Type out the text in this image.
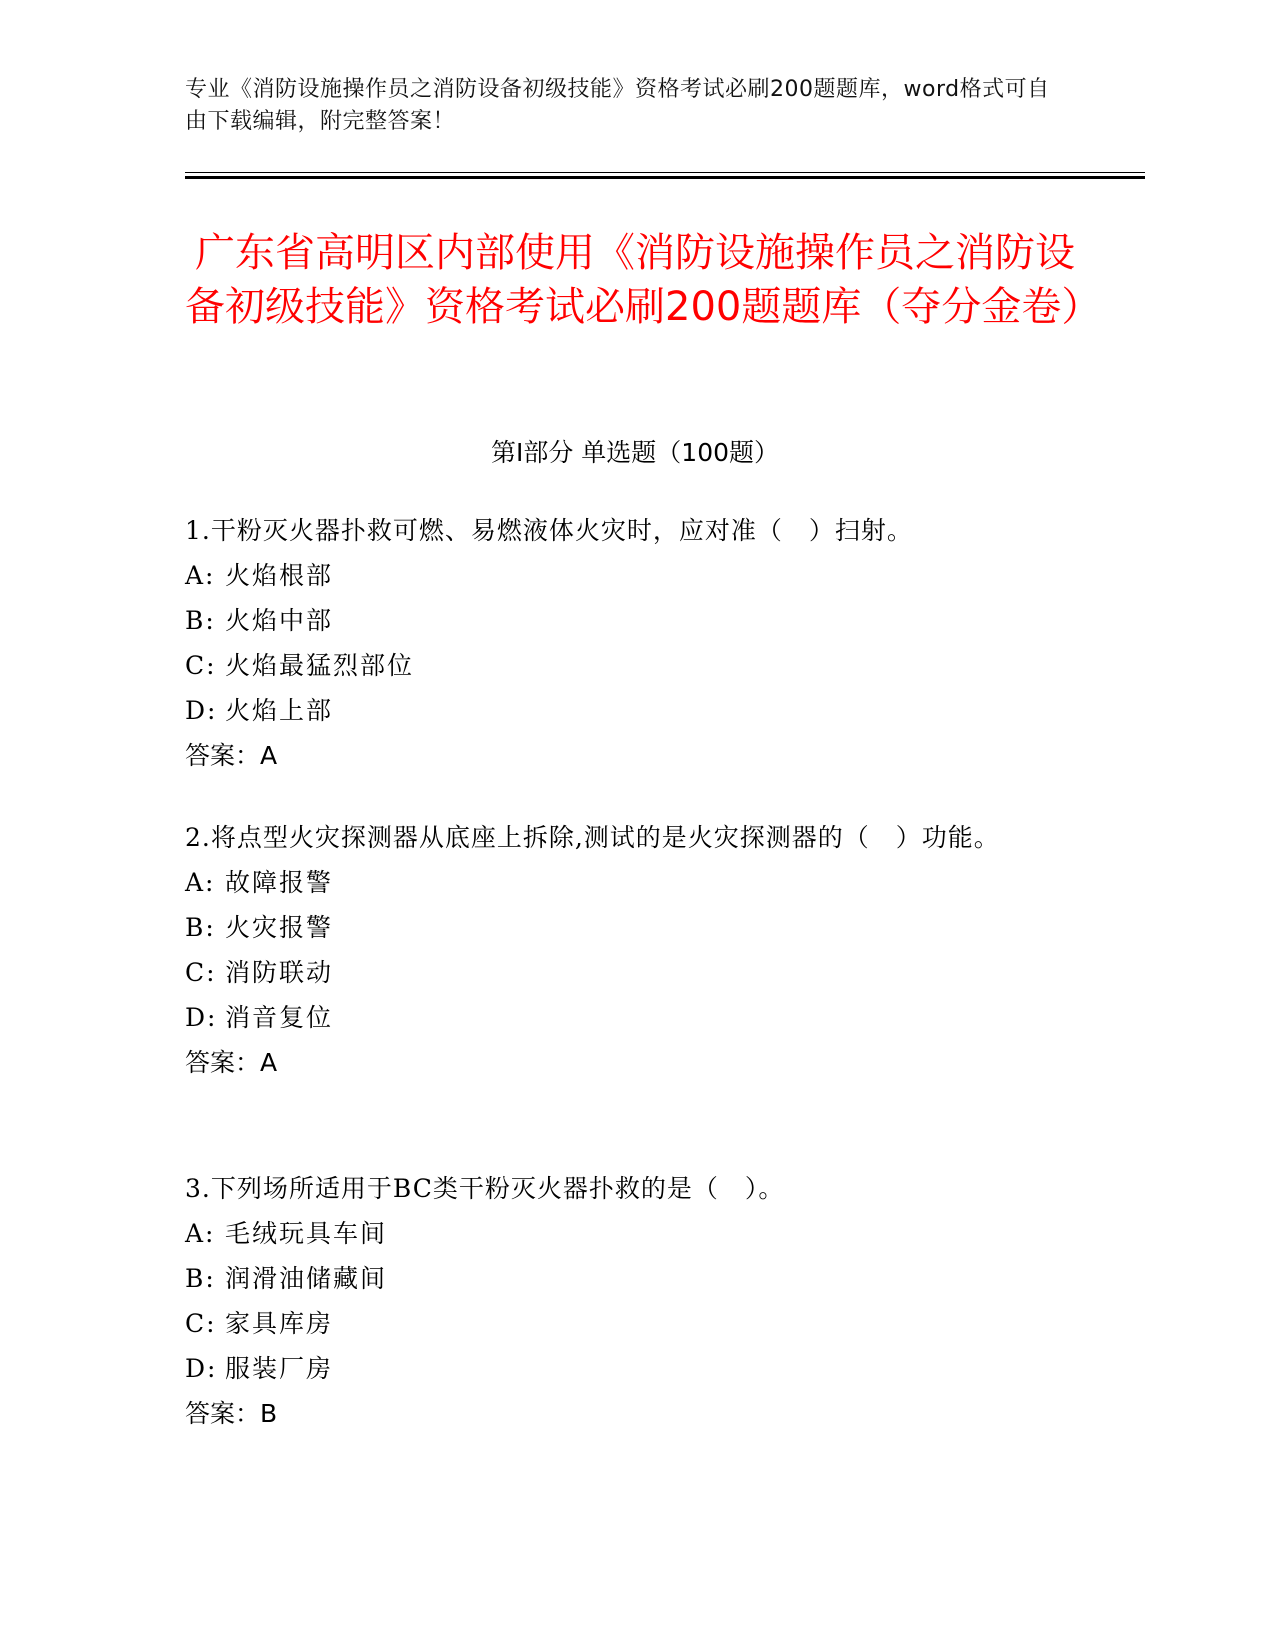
专业《消防设施操作员之消防设备初级技能》资格考试必刷200题题库，word格式可自由下载编辑，附完整答案！
广东省高明区内部使用《消防设施操作员之消防设备初级技能》资格考试必刷200题题库（夺分金卷）
第Ⅰ部分 单选题（100题）

1.干粉灭火器扑救可燃、易燃液体火灾时，应对准（　）扫射。

A: 火焰根部

B: 火焰中部

C: 火焰最猛烈部位

D: 火焰上部

答案：A

2.将点型火灾探测器从底座上拆除,测试的是火灾探测器的（　）功能。

A: 故障报警

B: 火灾报警

C: 消防联动

D: 消音复位

答案：A

3.下列场所适用于BC类干粉灭火器扑救的是（　）。

A: 毛绒玩具车间

B: 润滑油储藏间

C: 家具库房

D: 服装厂房

答案：B
